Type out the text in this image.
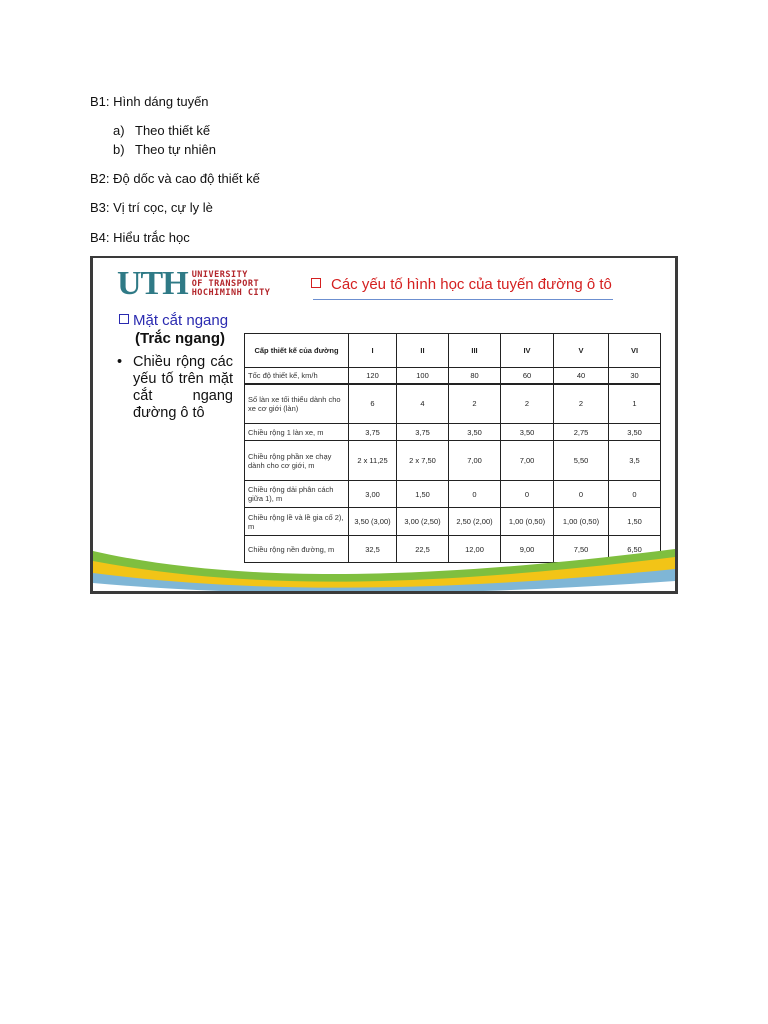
B1: Hình dáng tuyến
a) Theo thiết kế
b) Theo tự nhiên
B2: Độ dốc và cao độ thiết kế
B3: Vị trí cọc, cự ly lè
B4: Hiểu trắc học
UTH UNIVERSITY
OF TRANSPORT
HOCHIMINH CITY	Các yếu tố hình học của tuyến đường ô tô
Mặt cắt ngang
(Trắc ngang)
• Chiều rộng các yếu tố trên mặt cắt ngang đường ô tô
Cấp thiết kế của đường	I	II	III	IV	V	VI
Tốc độ thiết kế, km/h	120	100	80	60	40	30
Số làn xe tối thiểu dành cho xe cơ giới (làn)	6	4	2	2	2	1
Chiều rộng 1 làn xe, m	3,75	3,75	3,50	3,50	2,75	3,50
Chiều rộng phần xe chạy dành cho cơ giới, m	2 x 11,25	2 x 7,50	7,00	7,00	5,50	3,5
Chiều rộng dải phân cách giữa 1), m	3,00	1,50	0	0	0	0
Chiều rộng lề và lề gia cố 2), m	3,50 (3,00)	3,00 (2,50)	2,50 (2,00)	1,00 (0,50)	1,00 (0,50)	1,50
Chiều rộng nền đường, m	32,5	22,5	12,00	9,00	7,50	6,50
